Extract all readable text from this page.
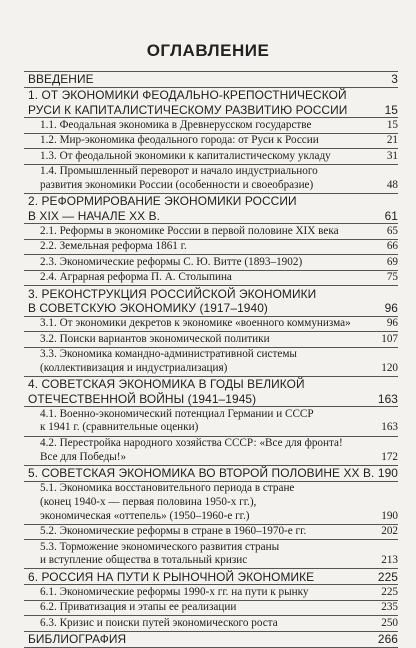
ОГЛАВЛЕНИЕ
ВВЕДЕНИЕ	3
1. ОТ ЭКОНОМИКИ ФЕОДАЛЬНО-КРЕПОСТНИЧЕСКОЙ
РУСИ К КАПИТАЛИСТИЧЕСКОМУ РАЗВИТИЮ РОССИИ	15
1.1. Феодальная экономика в Древнерусском государстве	15
1.2. Мир-экономика феодального города: от Руси к России	21
1.3. От феодальной экономики к капиталистическому укладу	31
1.4. Промышленный переворот и начало индустриального
развития экономики России (особенности и своеобразие)	48
2. РЕФОРМИРОВАНИЕ ЭКОНОМИКИ РОССИИ
В XIX — НАЧАЛЕ XX В.	61
2.1. Реформы в экономике России в первой половине XIX века	65
2.2. Земельная реформа 1861 г.	66
2.3. Экономические реформы С. Ю. Витте (1893–1902)	69
2.4. Аграрная реформа П. А. Столыпина	75
3. РЕКОНСТРУКЦИЯ РОССИЙСКОЙ ЭКОНОМИКИ
В СОВЕТСКУЮ ЭКОНОМИКУ (1917–1940)	96
3.1. От экономики декретов к экономике «военного коммунизма»	96
3.2. Поиски вариантов экономической политики	107
3.3. Экономика командно-административной системы
(коллективизация и индустриализация)	120
4. СОВЕТСКАЯ ЭКОНОМИКА В ГОДЫ ВЕЛИКОЙ
ОТЕЧЕСТВЕННОЙ ВОЙНЫ (1941–1945)	163
4.1. Военно-экономический потенциал Германии и СССР
к 1941 г. (сравнительные оценки)	163
4.2. Перестройка народного хозяйства СССР: «Все для фронта!
Все для Победы!»	172
5. СОВЕТСКАЯ ЭКОНОМИКА ВО ВТОРОЙ ПОЛОВИНЕ XX В. 190
5.1. Экономика восстановительного периода в стране
(конец 1940-х — первая половина 1950-х гг.),
экономическая «оттепель» (1950–1960-е гг.)	190
5.2. Экономические реформы в стране в 1960–1970-е гг.	202
5.3. Торможение экономического развития страны
и вступление общества в тотальный кризис	213
6. РОССИЯ НА ПУТИ К РЫНОЧНОЙ ЭКОНОМИКЕ	225
6.1. Экономические реформы 1990-х гг. на пути к рынку	225
6.2. Приватизация и этапы ее реализации	235
6.3. Кризис и поиски путей экономического роста	250
БИБЛИОГРАФИЯ	266
